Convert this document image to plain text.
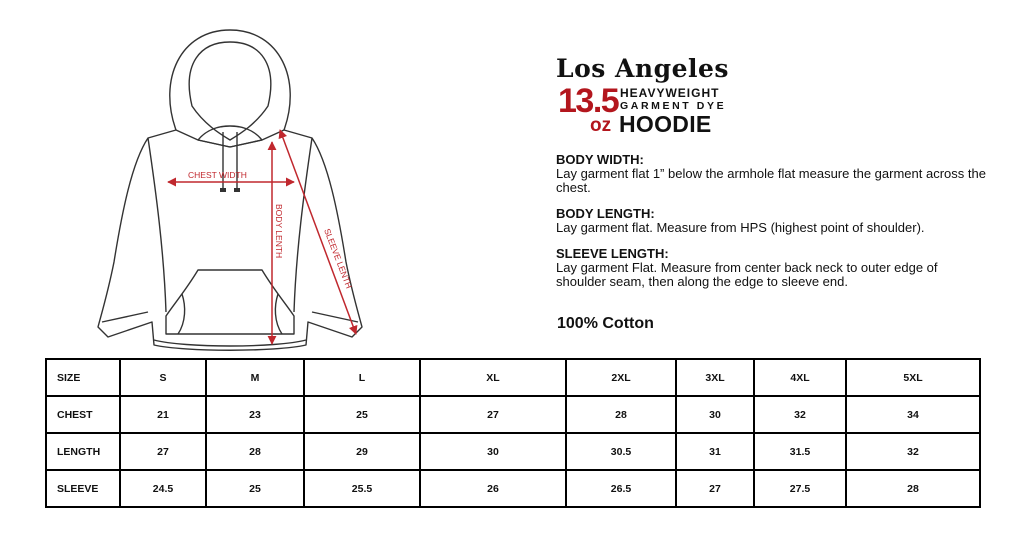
CHEST WIDTH
BODY LENTH	SLEEVE LENTH
Los Angeles
13.5
oz
HEAVYWEIGHT
GARMENT DYE
HOODIE
BODY WIDTH:
Lay garment flat 1” below the armhole flat measure the garment across the chest.
BODY LENGTH:
Lay garment flat. Measure from HPS (highest point of shoulder).
SLEEVE LENGTH:
Lay garment Flat. Measure from center back neck to outer edge of shoulder seam, then along the edge to sleeve end.
100% Cotton
SIZE	S	M	L	XL	2XL	3XL	4XL	5XL
CHEST	21	23	25	27	28	30	32	34
LENGTH	27	28	29	30	30.5	31	31.5	32
SLEEVE	24.5	25	25.5	26	26.5	27	27.5	28
